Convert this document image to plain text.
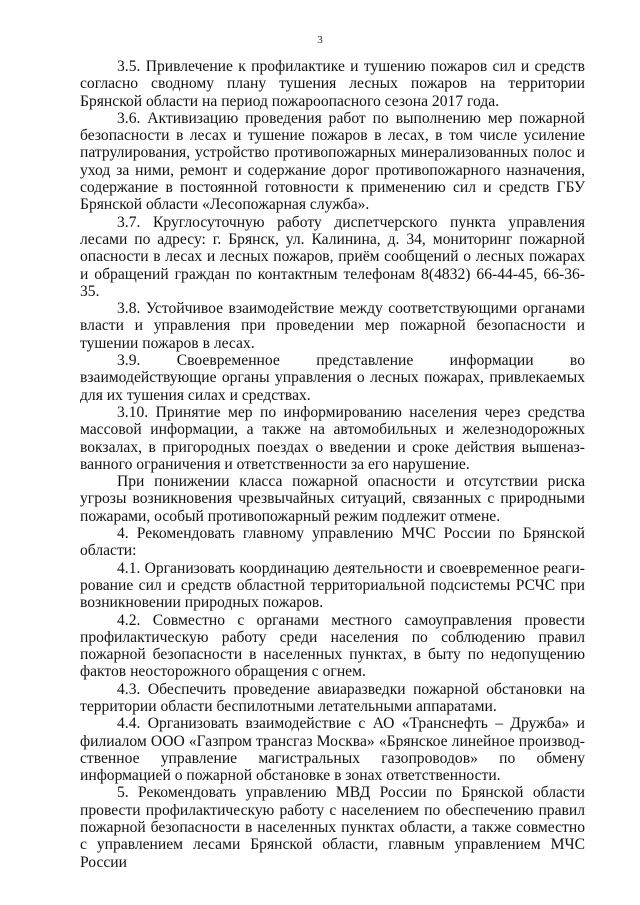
3

3.5. Привлечение к профилактике и тушению пожаров сил и средств согласно сводному плану тушения лесных пожаров на территории Брянской области на период пожароопасного сезона 2017 года.

3.6. Активизацию проведения работ по выполнению мер пожарной безопасности в лесах и тушение пожаров в лесах, в том числе усиление патрулирования, устройство противопожарных минерализованных полос и уход за ними, ремонт и содержание дорог противопожарного назначения, содержание в постоянной готовности к применению сил и средств ГБУ Брянской области «Лесопожарная служба».

3.7. Круглосуточную работу диспетчерского пункта управления лесами по адресу: г. Брянск, ул. Калинина, д. 34, мониторинг пожарной опасности в лесах и лесных пожаров, приём сообщений о лесных пожарах и обращений граждан по контактным телефонам 8(4832) 66-44-45, 66-36-35.

3.8. Устойчивое взаимодействие между соответствующими органами власти и управления при проведении мер пожарной безопасности и тушении пожаров в лесах.

3.9. Своевременное представление информации во взаимодействующие органы управления о лесных пожарах, привлекаемых для их тушения силах и средствах.

3.10. Принятие мер по информированию населения через средства массовой информации, а также на автомобильных и железнодорожных вокзалах, в пригородных поездах о введении и сроке действия вышеназванного ограничения и ответственности за его нарушение.

При понижении класса пожарной опасности и отсутствии риска угрозы возникновения чрезвычайных ситуаций, связанных с природными пожарами, особый противопожарный режим подлежит отмене.

4. Рекомендовать главному управлению МЧС России по Брянской области:

4.1. Организовать координацию деятельности и своевременное реагирование сил и средств областной территориальной подсистемы РСЧС при возникновении природных пожаров.

4.2. Совместно с органами местного самоуправления провести профилактическую работу среди населения по соблюдению правил пожарной безопасности в населенных пунктах, в быту по недопущению фактов неосторожного обращения с огнем.

4.3. Обеспечить проведение авиаразведки пожарной обстановки на территории области беспилотными летательными аппаратами.

4.4. Организовать взаимодействие с АО «Транснефть – Дружба» и филиалом ООО «Газпром трансгаз Москва» «Брянское линейное производственное управление магистральных газопроводов» по обмену информацией о пожарной обстановке в зонах ответственности.

5. Рекомендовать управлению МВД России по Брянской области провести профилактическую работу с населением по обеспечению правил пожарной безопасности в населенных пунктах области, а также совместно с управлением лесами Брянской области, главным управлением МЧС России
